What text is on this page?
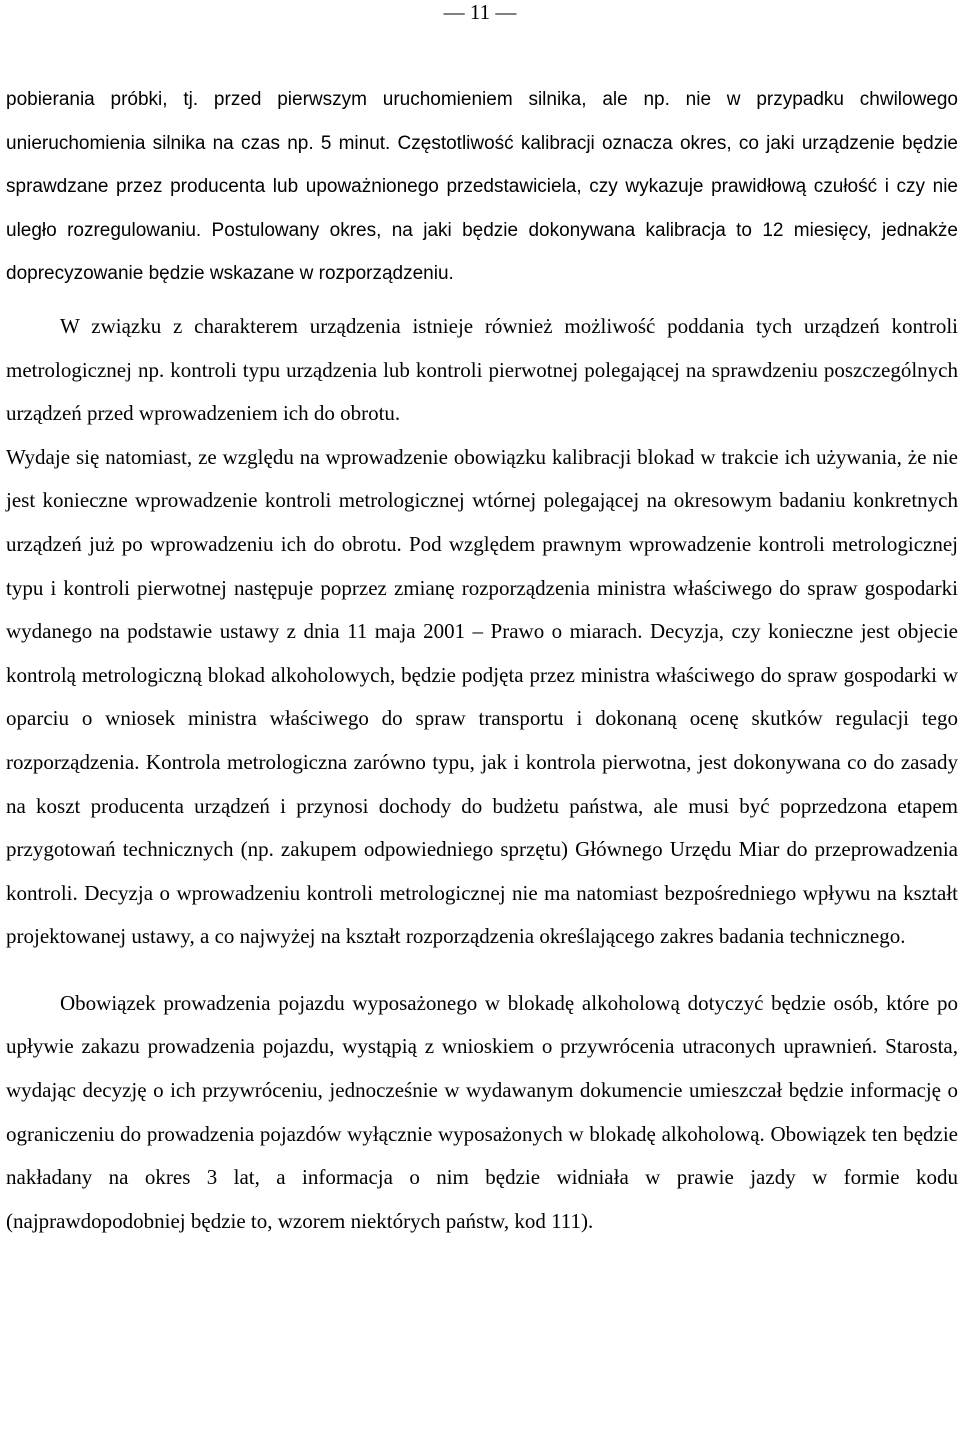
— 11 —

pobierania próbki, tj. przed pierwszym uruchomieniem silnika, ale np. nie w przypadku chwilowego unieruchomienia silnika na czas np. 5 minut. Częstotliwość kalibracji oznacza okres, co jaki urządzenie będzie sprawdzane przez producenta lub upoważnionego przedstawiciela, czy wykazuje prawidłową czułość i czy nie uległo rozregulowaniu. Postulowany okres, na jaki będzie dokonywana kalibracja to 12 miesięcy, jednakże doprecyzowanie będzie wskazane w rozporządzeniu.

W związku z charakterem urządzenia istnieje również możliwość poddania tych urządzeń kontroli metrologicznej np. kontroli typu urządzenia lub kontroli pierwotnej polegającej na sprawdzeniu poszczególnych urządzeń przed wprowadzeniem ich do obrotu.

Wydaje się natomiast, ze względu na wprowadzenie obowiązku kalibracji blokad w trakcie ich używania, że nie jest konieczne wprowadzenie kontroli metrologicznej wtórnej polegającej na okresowym badaniu konkretnych urządzeń już po wprowadzeniu ich do obrotu. Pod względem prawnym wprowadzenie kontroli metrologicznej typu i kontroli pierwotnej następuje poprzez zmianę rozporządzenia ministra właściwego do spraw gospodarki wydanego na podstawie ustawy z dnia 11 maja 2001 – Prawo o miarach. Decyzja, czy konieczne jest objecie kontrolą metrologiczną blokad alkoholowych, będzie podjęta przez ministra właściwego do spraw gospodarki w oparciu o wniosek ministra właściwego do spraw transportu i dokonaną ocenę skutków regulacji tego rozporządzenia. Kontrola metrologiczna zarówno typu, jak i kontrola pierwotna, jest dokonywana co do zasady na koszt producenta urządzeń i przynosi dochody do budżetu państwa, ale musi być poprzedzona etapem przygotowań technicznych (np. zakupem odpowiedniego sprzętu) Głównego Urzędu Miar do przeprowadzenia kontroli. Decyzja o wprowadzeniu kontroli metrologicznej nie ma natomiast bezpośredniego wpływu na kształt projektowanej ustawy, a co najwyżej na kształt rozporządzenia określającego zakres badania technicznego.

Obowiązek prowadzenia pojazdu wyposażonego w blokadę alkoholową dotyczyć będzie osób, które po upływie zakazu prowadzenia pojazdu, wystąpią z wnioskiem o przywrócenia utraconych uprawnień. Starosta, wydając decyzję o ich przywróceniu, jednocześnie w wydawanym dokumencie umieszczał będzie informację o ograniczeniu do prowadzenia pojazdów wyłącznie wyposażonych w blokadę alkoholową. Obowiązek ten będzie nakładany na okres 3 lat, a informacja o nim będzie widniała w prawie jazdy w formie kodu (najprawdopodobniej będzie to, wzorem niektórych państw, kod 111).
